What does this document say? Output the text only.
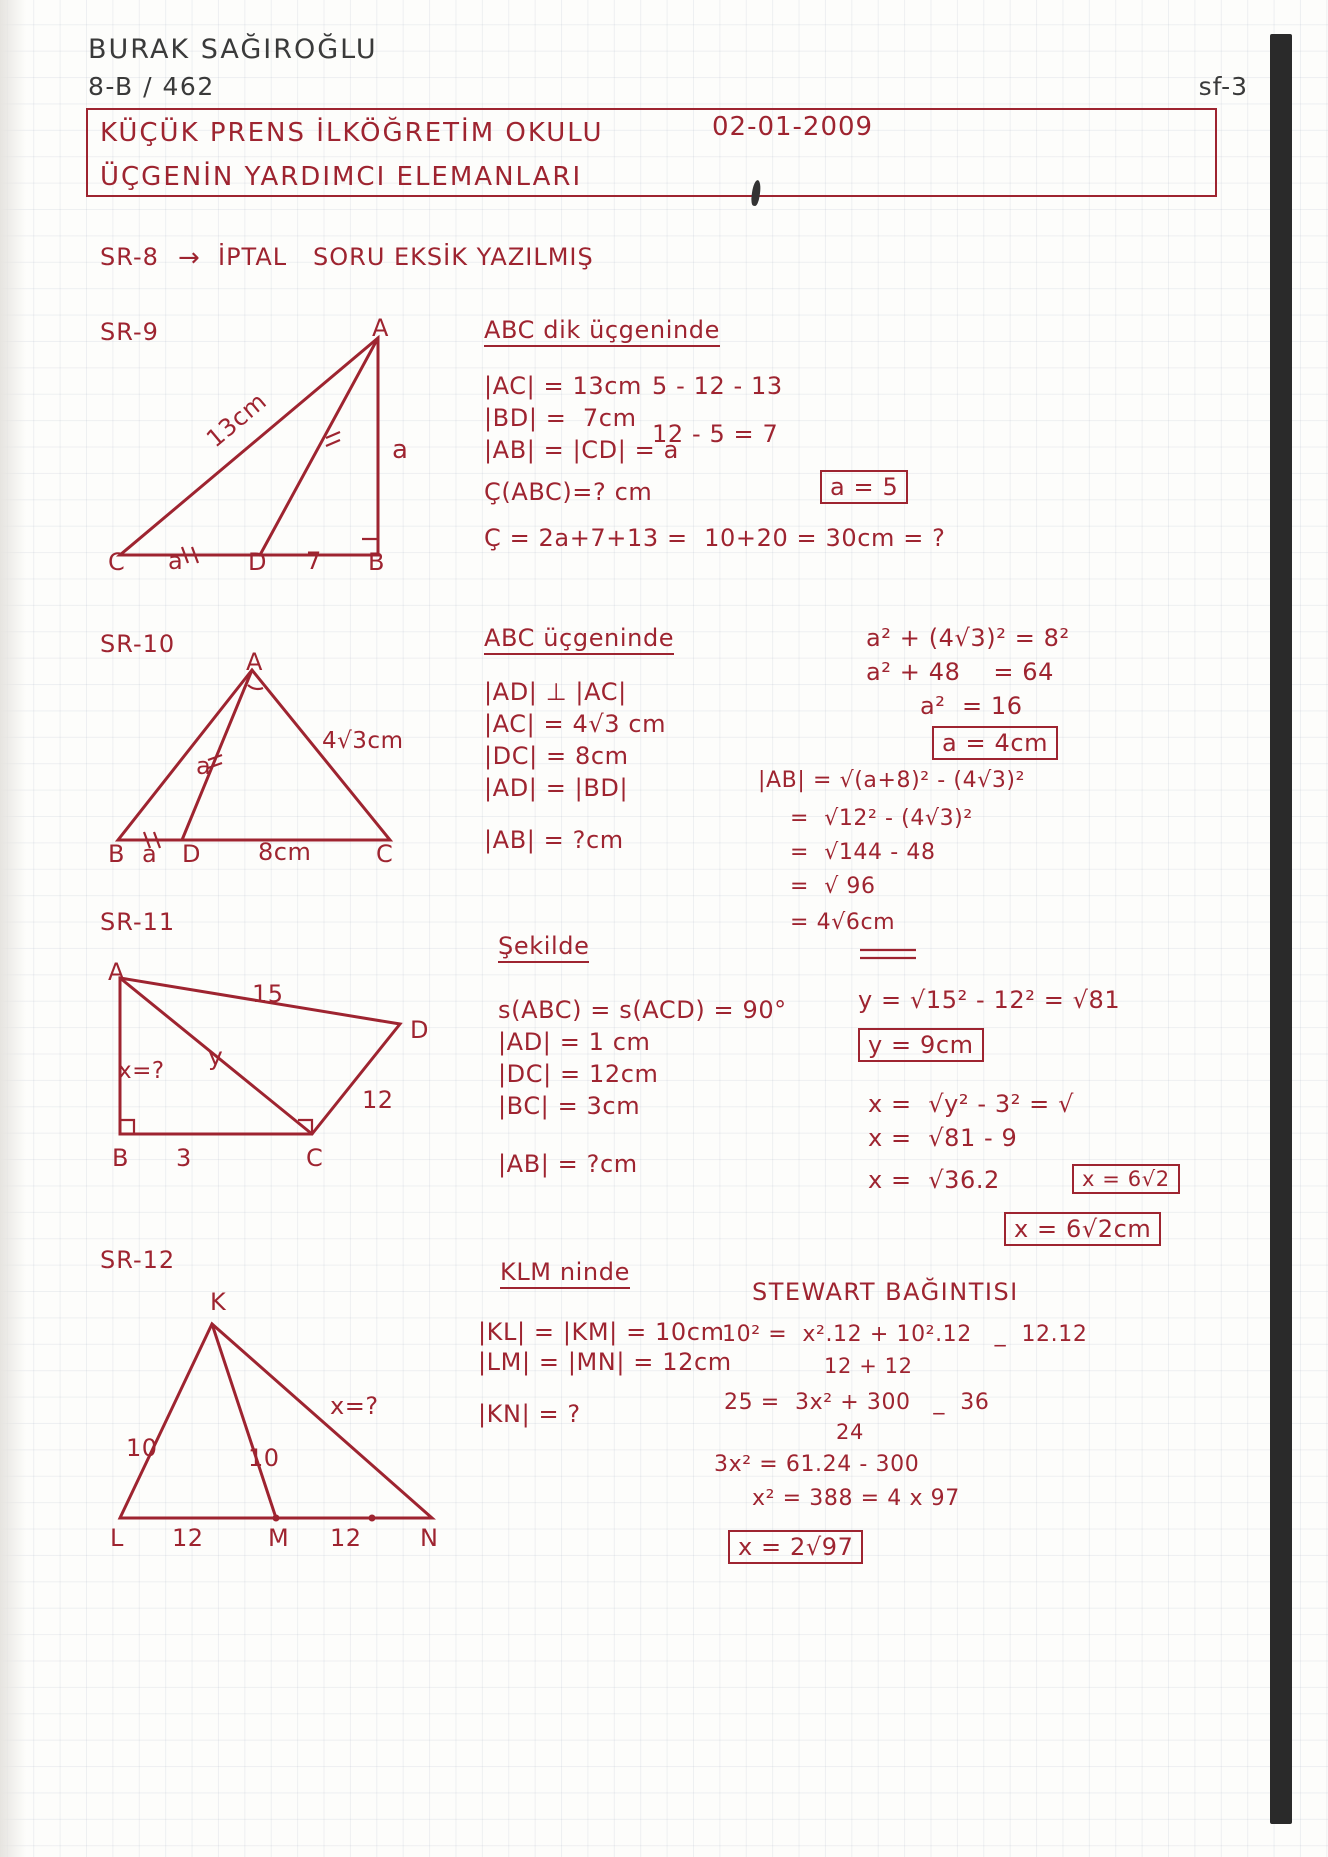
BURAK SAĞIROĞLU
8-B / 462	sf-3
KÜÇÜK PRENS İLKÖĞRETİM OKULU	02-01-2009
ÜÇGENİN YARDIMCI ELEMANLARI
SR-8 → İPTAL   SORU EKSİK YAZILMIŞ
SR-9	A
C	D	B
13cm	a
a	7
ABC dik üçgeninde
|AC| = 13cm
|BD| =  7cm
|AB| = |CD| = a
Ç(ABC)=? cm
5 - 12 - 13
12 - 5 = 7
a = 5
Ç = 2a+7+13 =  10+20 = 30cm = ?
SR-10
A
B D	C
4√3cm
a
a	8cm
ABC üçgeninde
|AD| ⊥ |AC|
|AC| = 4√3 cm
|DC| = 8cm
|AD| = |BD|
|AB| = ?cm
a² + (4√3)² = 8²
a² + 48    = 64
a²  = 16
a = 4cm
|AB| = √(a+8)² - (4√3)²
=  √12² - (4√3)²
=  √144 - 48
=  √ 96
= 4√6cm
SR-11
A
D
B	C
15
y
12
3
x=?
Şekilde
s(ABC) = s(ACD) = 90°
|AD| = 1 cm
|DC| = 12cm
|BC| = 3cm
|AB| = ?cm
y = √15² - 12² = √81
y = 9cm
x =  √y² - 3² = √
x =  √81 - 9
x =  √36.2	x = 6√2
x = 6√2cm
SR-12
K
L	M	N
10	10
12	12
x=?
KLM ninde
|KL| = |KM| = 10cm
|LM| = |MN| = 12cm
|KN| = ?
STEWART BAĞINTISI
10² =  x².12 + 10².12   _  12.12
12 + 12
25 =  3x² + 300   _  36
24
3x² = 61.24 - 300
x² = 388 = 4 x 97
x = 2√97
